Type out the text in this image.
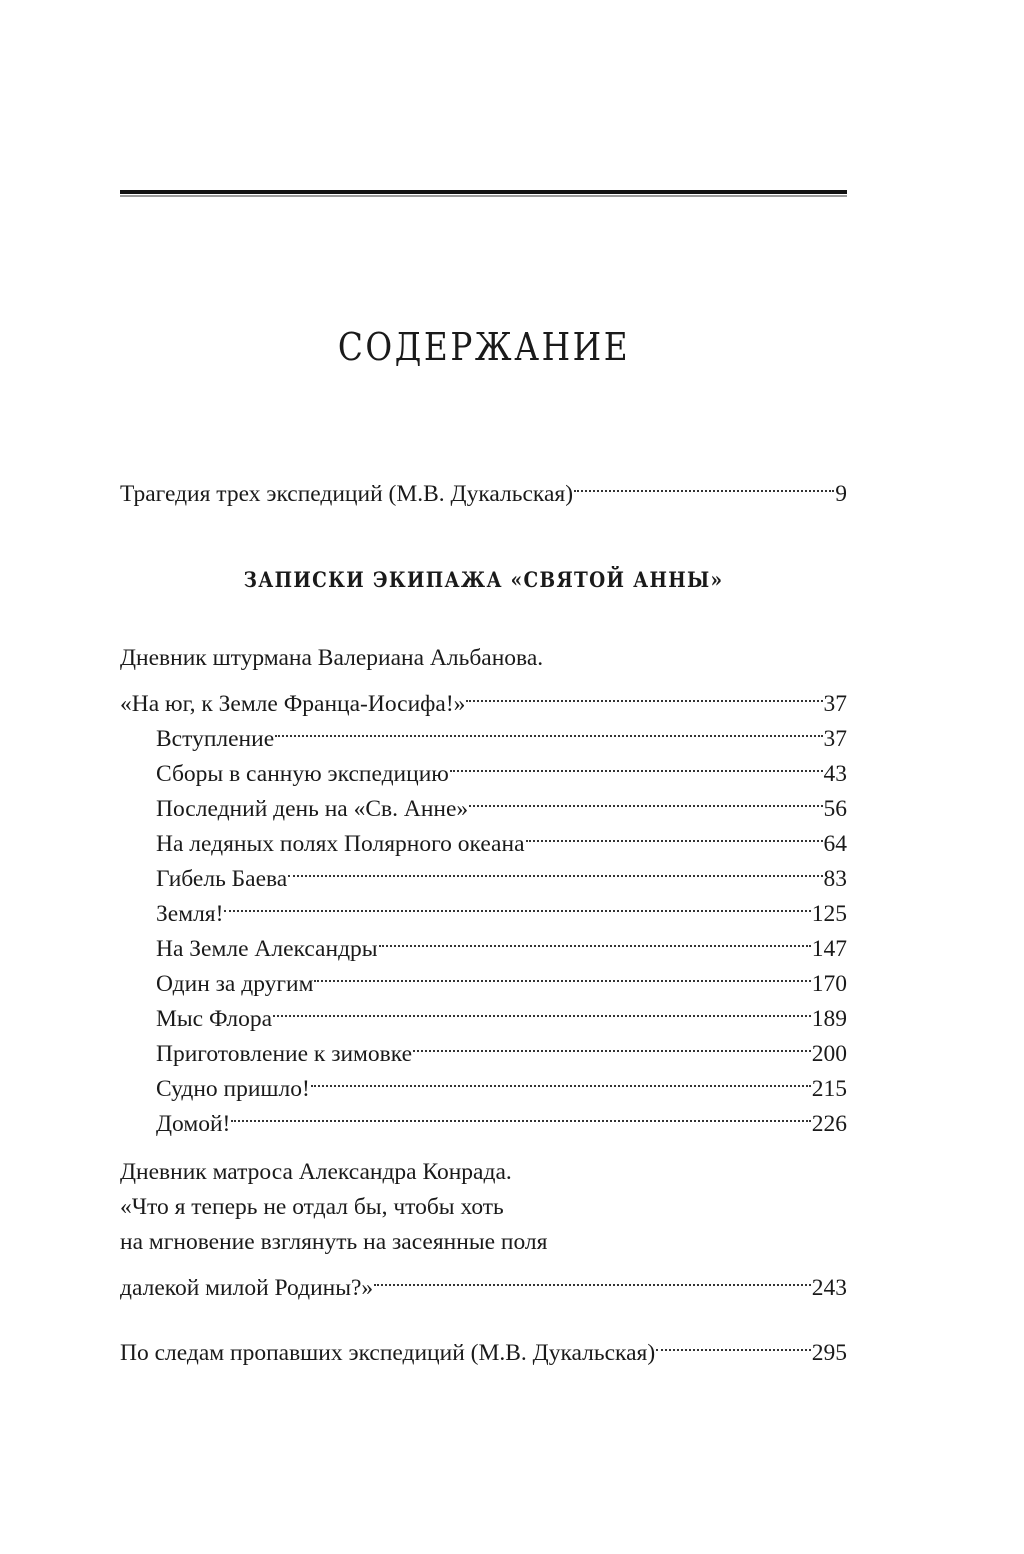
СОДЕРЖАНИЕ
Трагедия трех экспедиций (М.В. Дукальская)	9
ЗАПИСКИ ЭКИПАЖА «СВЯТОЙ АННЫ»
Дневник штурмана Валериана Альбанова.
«На юг, к Земле Франца-Иосифа!»	37
Вступление	37
Сборы в санную экспедицию	43
Последний день на «Св. Анне»	56
На ледяных полях Полярного океана	64
Гибель Баева	83
Земля!	125
На Земле Александры	147
Один за другим	170
Мыс Флора	189
Приготовление к зимовке	200
Судно пришло!	215
Домой!	226
Дневник матроса Александра Конрада.
«Что я теперь не отдал бы, чтобы хоть
на мгновение взглянуть на засеянные поля
далекой милой Родины?»	243
По следам пропавших экспедиций (М.В. Дукальская)	295
